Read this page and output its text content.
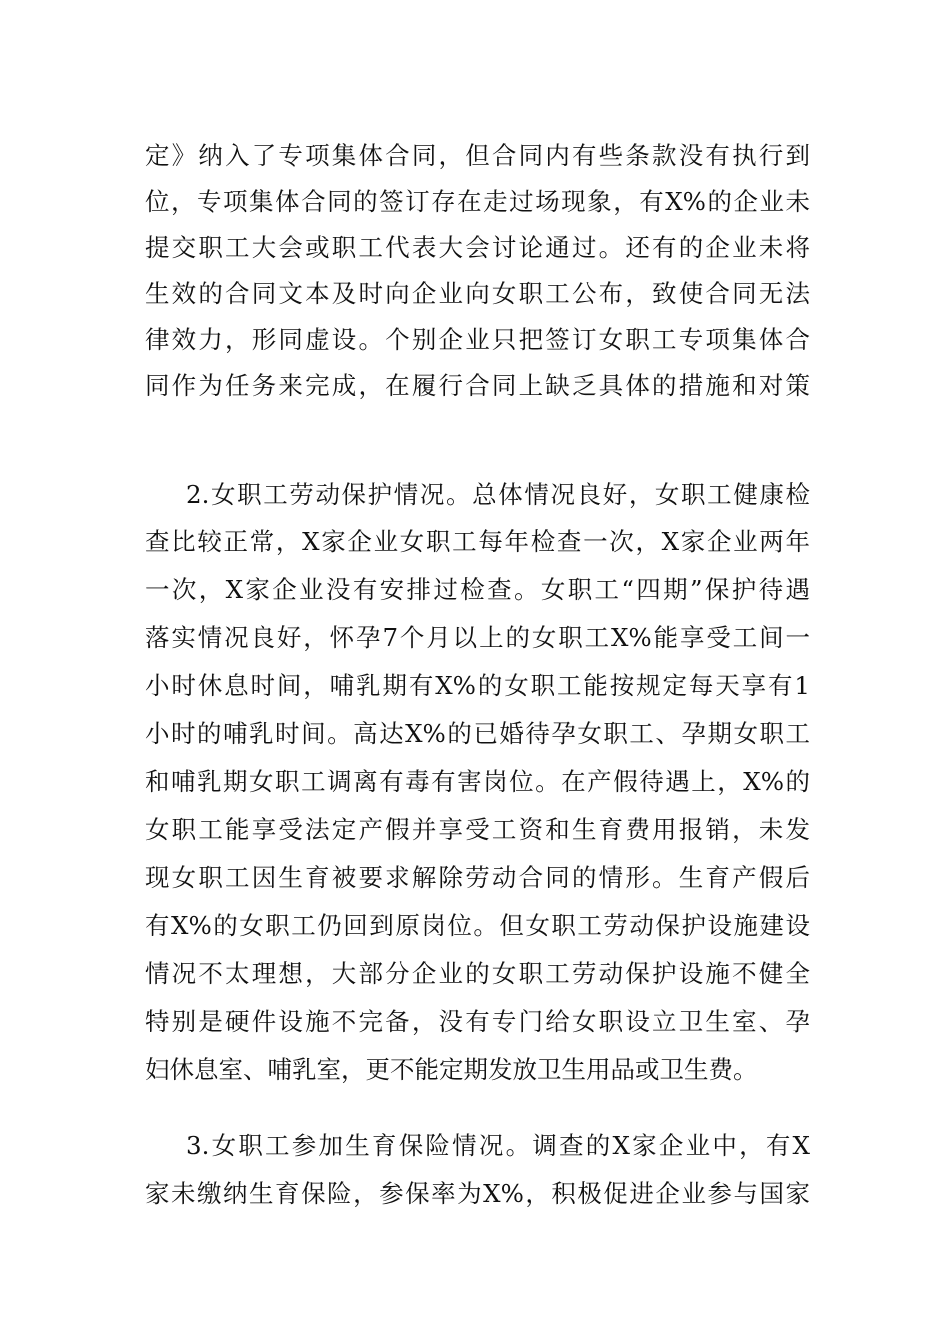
定》纳入了专项集体合同，但合同内有些条款没有执行到
位，专项集体合同的签订存在走过场现象，有X%的企业未
提交职工大会或职工代表大会讨论通过。还有的企业未将
生效的合同文本及时向企业向女职工公布，致使合同无法
律效力，形同虚设。个别企业只把签订女职工专项集体合
同作为任务来完成，在履行合同上缺乏具体的措施和对策
2.女职工劳动保护情况。总体情况良好，女职工健康检
查比较正常，X家企业女职工每年检查一次，X家企业两年
一次，X家企业没有安排过检查。女职工“四期”保护待遇
落实情况良好，怀孕7个月以上的女职工X%能享受工间一
小时休息时间，哺乳期有X%的女职工能按规定每天享有1
小时的哺乳时间。高达X%的已婚待孕女职工、孕期女职工
和哺乳期女职工调离有毒有害岗位。在产假待遇上，X%的
女职工能享受法定产假并享受工资和生育费用报销，未发
现女职工因生育被要求解除劳动合同的情形。生育产假后
有X%的女职工仍回到原岗位。但女职工劳动保护设施建设
情况不太理想，大部分企业的女职工劳动保护设施不健全
特别是硬件设施不完备，没有专门给女职设立卫生室、孕
妇休息室、哺乳室，更不能定期发放卫生用品或卫生费。
3.女职工参加生育保险情况。调查的X家企业中，有X
家未缴纳生育保险，参保率为X%，积极促进企业参与国家
